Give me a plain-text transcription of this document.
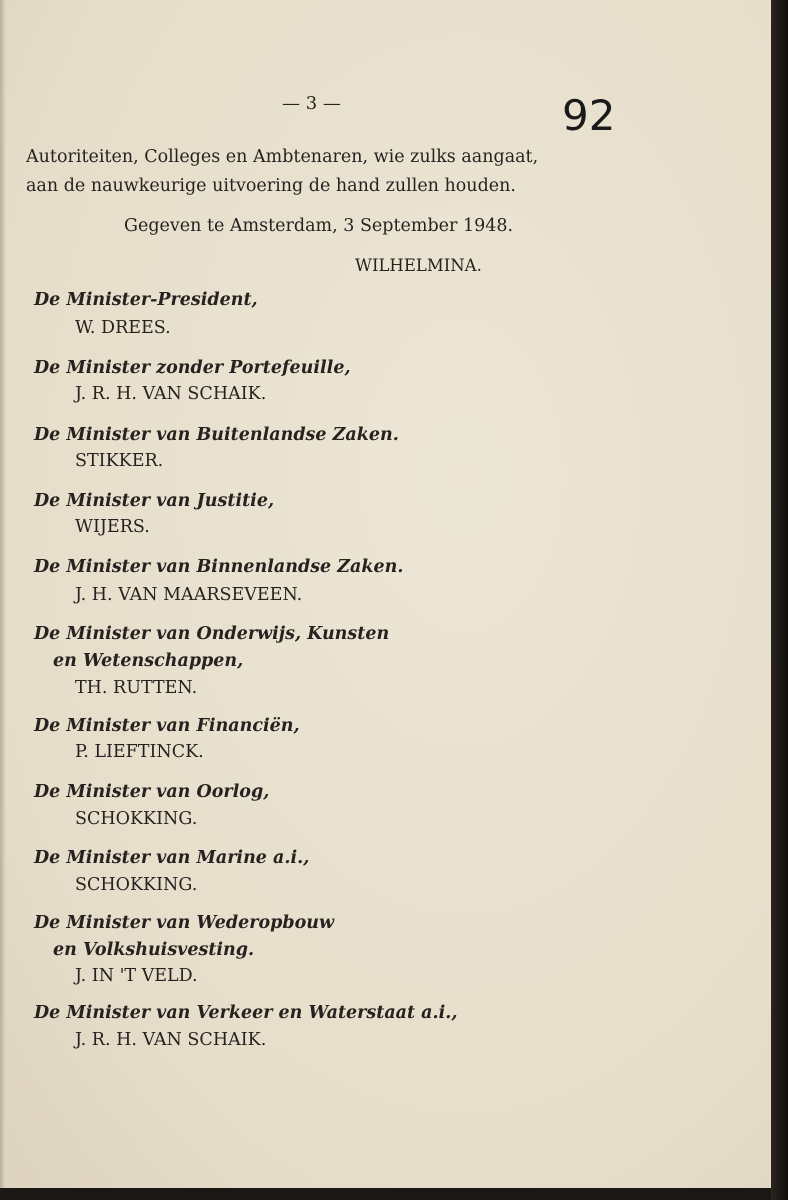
— 3 —	92
Autoriteiten, Colleges en Ambtenaren, wie zulks aangaat,
aan de nauwkeurige uitvoering de hand zullen houden.
Gegeven te Amsterdam, 3 September 1948.
WILHELMINA.
De Minister-President,
W. DREES.
De Minister zonder Portefeuille,
J. R. H. VAN SCHAIK.
De Minister van Buitenlandse Zaken.
STIKKER.
De Minister van Justitie,
WIJERS.
De Minister van Binnenlandse Zaken.
J. H. VAN MAARSEVEEN.
De Minister van Onderwijs, Kunsten
en Wetenschappen,
TH. RUTTEN.
De Minister van Financiën,
P. LIEFTINCK.
De Minister van Oorlog,
SCHOKKING.
De Minister van Marine a.i.,
SCHOKKING.
De Minister van Wederopbouw
en Volkshuisvesting.
J. IN 'T VELD.
De Minister van Verkeer en Waterstaat a.i.,
J. R. H. VAN SCHAIK.
